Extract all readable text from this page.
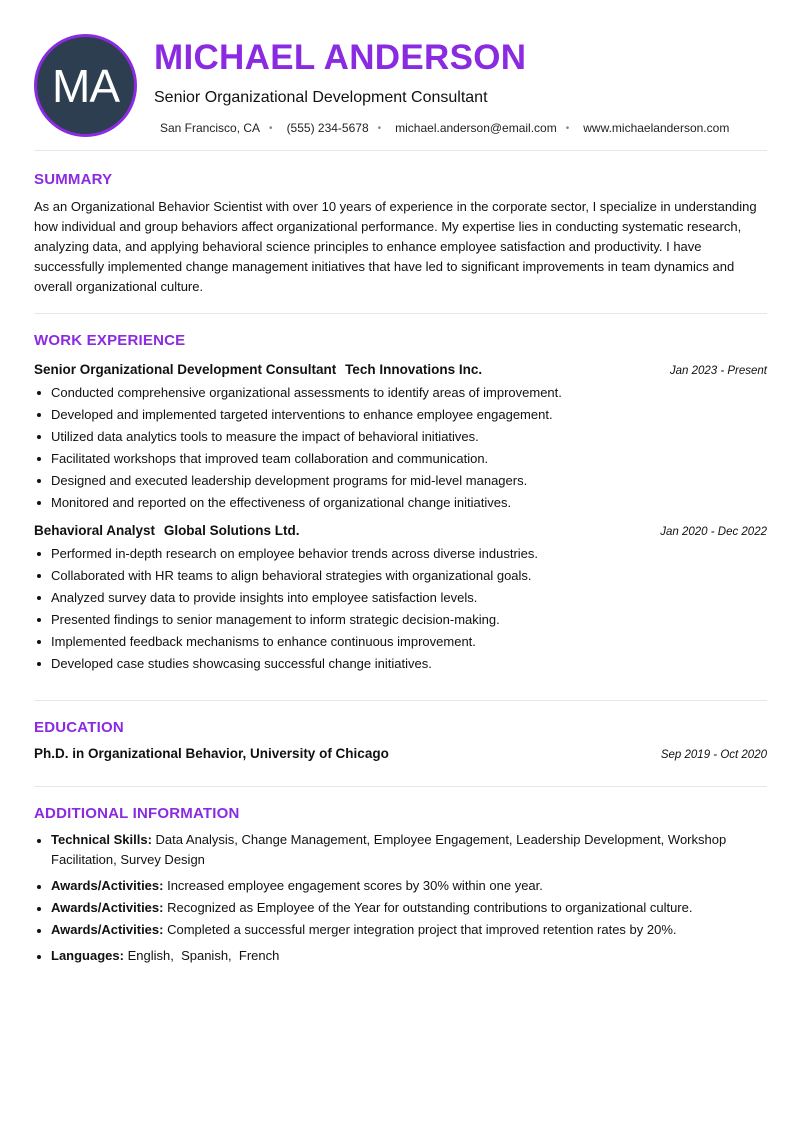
MA
MICHAEL ANDERSON
Senior Organizational Development Consultant
San Francisco, CA • (555) 234-5678 • michael.anderson@email.com • www.michaelanderson.com
SUMMARY

As an Organizational Behavior Scientist with over 10 years of experience in the corporate sector, I specialize in understanding how individual and group behaviors affect organizational performance. My expertise lies in conducting systematic research, analyzing data, and applying behavioral science principles to enhance employee satisfaction and productivity. I have successfully implemented change management initiatives that have led to significant improvements in team dynamics and overall organizational culture.

WORK EXPERIENCE
Senior Organizational Development Consultant Tech Innovations Inc.	Jan 2023 - Present
Conducted comprehensive organizational assessments to identify areas of improvement.
Developed and implemented targeted interventions to enhance employee engagement.
Utilized data analytics tools to measure the impact of behavioral initiatives.
Facilitated workshops that improved team collaboration and communication.
Designed and executed leadership development programs for mid-level managers.
Monitored and reported on the effectiveness of organizational change initiatives.
Behavioral Analyst Global Solutions Ltd.	Jan 2020 - Dec 2022
Performed in-depth research on employee behavior trends across diverse industries.
Collaborated with HR teams to align behavioral strategies with organizational goals.
Analyzed survey data to provide insights into employee satisfaction levels.
Presented findings to senior management to inform strategic decision-making.
Implemented feedback mechanisms to enhance continuous improvement.
Developed case studies showcasing successful change initiatives.
EDUCATION
Ph.D. in Organizational Behavior, University of Chicago	Sep 2019 - Oct 2020
ADDITIONAL INFORMATION
Technical Skills: Data Analysis, Change Management, Employee Engagement, Leadership Development, Workshop Facilitation, Survey Design
Awards/Activities: Increased employee engagement scores by 30% within one year.
Awards/Activities: Recognized as Employee of the Year for outstanding contributions to organizational culture.
Awards/Activities: Completed a successful merger integration project that improved retention rates by 20%.
Languages: English,  Spanish,  French
